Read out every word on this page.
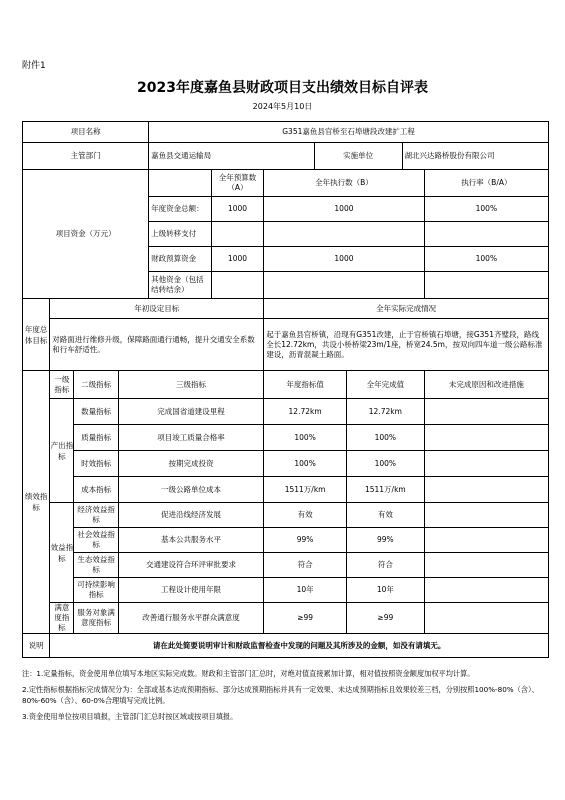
附件1
2023年度嘉鱼县财政项目支出绩效目标自评表
2024年5月10日
项目名称				G351嘉鱼县官桥至石埠塘段改建扩工程						
主管部门				嘉鱼县交通运输局			实施单位		湖北兴达路桥股份有限公司	
项目资金（万元）					全年预算数（A）	全年执行数（B）				执行率（B/A）
				年度资金总额：	1000	1000				100%
				上级转移支付						
				财政预算资金	1000	1000				100%
				其他资金（包括结转结余）						
年度总体目标	年初设定目标					全年实际完成情况				
	对路面进行维修升级，保障路面通行通畅，提升交通安全系数和行车舒适性。					起于嘉鱼县官桥镇，沿现有G351改建，止于官桥镇石埠塘，接G351齐璧段，路线全长12.72km，共设小桥桥梁23m/1座，桥宽24.5m，按双向四车道一级公路标准建设，沥青混凝土路面。				
绩效指标	一级指标	二级指标	三级指标			年度指标值		全年完成值		未完成原因和改进措施
	产出指标	数量指标	完成国省道建设里程			12.72km		12.72km		
		质量指标	项目竣工质量合格率			100%		100%		
		时效指标	按期完成投资			100%		100%		
		成本指标	一级公路单位成本			1511万/km		1511万/km		
	效益指标	经济效益指标	促进沿线经济发展			有效		有效		
		社会效益指标	基本公共服务水平			99%		99%		
		生态效益指标	交通建设符合环评审批要求			符合		符合		
		可持续影响指标	工程设计使用年限			10年		10年		
	满意度指标	服务对象满意度指标	改善通行服务水平群众满意度			≥99		≥99		
说明	请在此处简要说明审计和财政监督检查中发现的问题及其所涉及的金额，如没有请填无。									

注：1.定量指标，资金使用单位填写本地区实际完成数。财政和主管部门汇总时，对绝对值直接累加计算，相对值按照资金额度加权平均计算。

2.定性指标根据指标完成情况分为：全部或基本达成预期指标、部分达成预期指标并具有一定效果、未达成预期指标且效果较差三档，分别按照100%-80%（含）、80%-60%（含）、60-0%合理填写完成比例。

3.资金使用单位按项目填报，主管部门汇总时按区域或按项目填报。
